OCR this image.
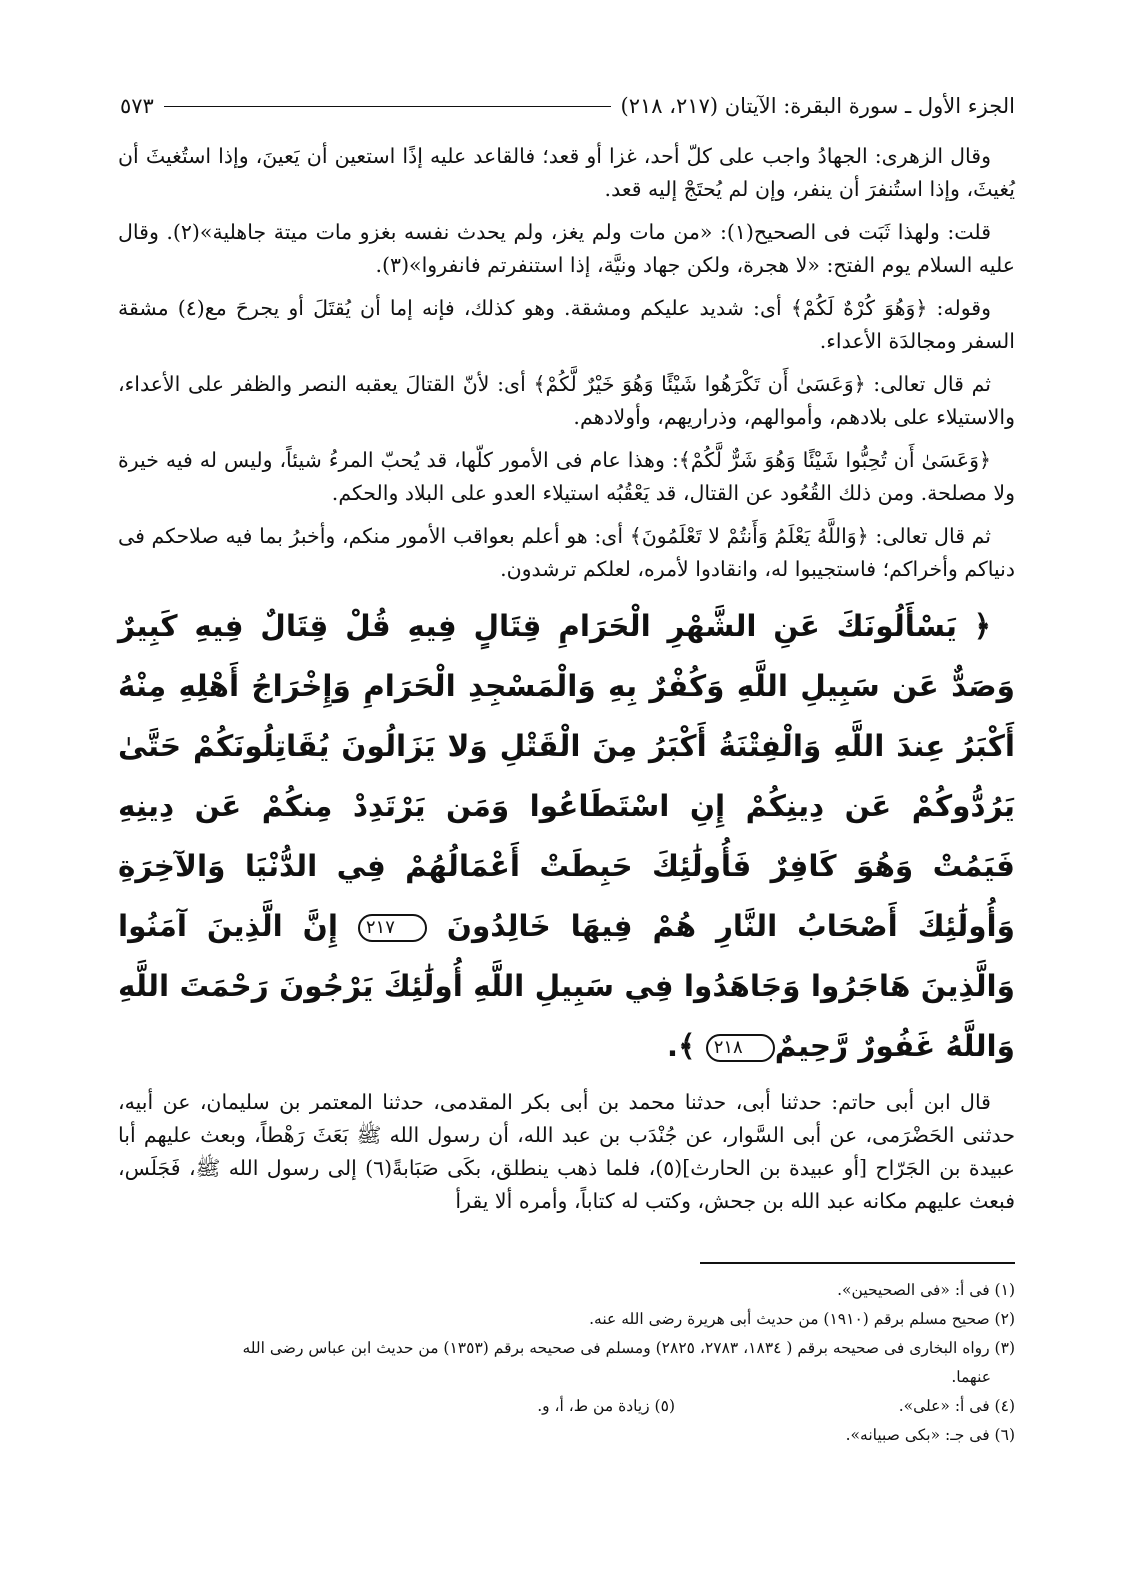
الجزء الأول ـ سورة البقرة: الآيتان (٢١٧، ٢١٨)
٥٧٣

وقال الزهرى: الجهادُ واجب على كلّ أحد، غزا أو قعد؛ فالقاعد عليه إذًا استعين أن يَعينَ، وإذا استُغيثَ أن يُغيثَ، وإذا استُنفرَ أن ينفر، وإن لم يُحتَجْ إليه قعد.

قلت: ولهذا ثَبَت فى الصحيح(١): «من مات ولم يغز، ولم يحدث نفسه بغزو مات ميتة جاهلية»(٢). وقال عليه السلام يوم الفتح: «لا هجرة، ولكن جهاد ونيَّة، إذا استنفرتم فانفروا»(٣).

وقوله: ﴿وَهُوَ كُرْهٌ لَكُمْ﴾ أى: شديد عليكم ومشقة. وهو كذلك، فإنه إما أن يُقتَلَ أو يجرحَ مع(٤) مشقة السفر ومجالدَة الأعداء.

ثم قال تعالى: ﴿وَعَسَىٰ أَن تَكْرَهُوا شَيْئًا وَهُوَ خَيْرٌ لَّكُمْ﴾ أى: لأنّ القتالَ يعقبه النصر والظفر على الأعداء، والاستيلاء على بلادهم، وأموالهم، وذراريهم، وأولادهم.

﴿وَعَسَىٰ أَن تُحِبُّوا شَيْئًا وَهُوَ شَرٌّ لَّكُمْ﴾: وهذا عام فى الأمور كلّها، قد يُحبّ المرءُ شيئاً، وليس له فيه خيرة ولا مصلحة. ومن ذلك القُعُود عن القتال، قد يَعْقُبُه استيلاء العدو على البلاد والحكم.

ثم قال تعالى: ﴿وَاللَّهُ يَعْلَمُ وَأَنتُمْ لا تَعْلَمُونَ﴾ أى: هو أعلم بعواقب الأمور منكم، وأخبرُ بما فيه صلاحكم فى دنياكم وأخراكم؛ فاستجيبوا له، وانقادوا لأمره، لعلكم ترشدون.

﴿ يَسْأَلُونَكَ عَنِ الشَّهْرِ الْحَرَامِ قِتَالٍ فِيهِ قُلْ قِتَالٌ فِيهِ كَبِيرٌ وَصَدٌّ عَن سَبِيلِ اللَّهِ وَكُفْرٌ بِهِ وَالْمَسْجِدِ الْحَرَامِ وَإِخْرَاجُ أَهْلِهِ مِنْهُ أَكْبَرُ عِندَ اللَّهِ وَالْفِتْنَةُ أَكْبَرُ مِنَ الْقَتْلِ وَلا يَزَالُونَ يُقَاتِلُونَكُمْ حَتَّىٰ يَرُدُّوكُمْ عَن دِينِكُمْ إِنِ اسْتَطَاعُوا وَمَن يَرْتَدِدْ مِنكُمْ عَن دِينِهِ فَيَمُتْ وَهُوَ كَافِرٌ فَأُولَٰئِكَ حَبِطَتْ أَعْمَالُهُمْ فِي الدُّنْيَا وَالآخِرَةِ وَأُولَٰئِكَ أَصْحَابُ النَّارِ هُمْ فِيهَا خَالِدُونَ ٢١٧ إِنَّ الَّذِينَ آمَنُوا وَالَّذِينَ هَاجَرُوا وَجَاهَدُوا فِي سَبِيلِ اللَّهِ أُولَٰئِكَ يَرْجُونَ رَحْمَتَ اللَّهِ وَاللَّهُ غَفُورٌ رَّحِيمٌ٢١٨ ﴾.

قال ابن أبى حاتم: حدثنا أبى، حدثنا محمد بن أبى بكر المقدمى، حدثنا المعتمر بن سليمان، عن أبيه، حدثنى الحَضْرَمى، عن أبى السَّوار، عن جُنْدَب بن عبد الله، أن رسول الله ﷺ بَعَثَ رَهْطاً، وبعث عليهم أبا عبيدة بن الجَرّاح [أو عبيدة بن الحارث](٥)، فلما ذهب ينطلق، بكَى صَبَابةً(٦) إلى رسول الله ﷺ، فَجَلَس، فبعث عليهم مكانه عبد الله بن جحش، وكتب له كتاباً، وأمره ألا يقرأ

(١) فى أ: «فى الصحيحين».

(٢) صحيح مسلم برقم (١٩١٠) من حديث أبى هريرة رضى الله عنه.

(٣) رواه البخارى فى صحيحه برقم ( ١٨٣٤، ٢٧٨٣، ٢٨٢٥) ومسلم فى صحيحه برقم (١٣٥٣) من حديث ابن عباس رضى الله

عنهما.

(٤) فى أ: «على».

(٥) زيادة من ط، أ، و.

(٦) فى جـ: «بكى صبيانه».
